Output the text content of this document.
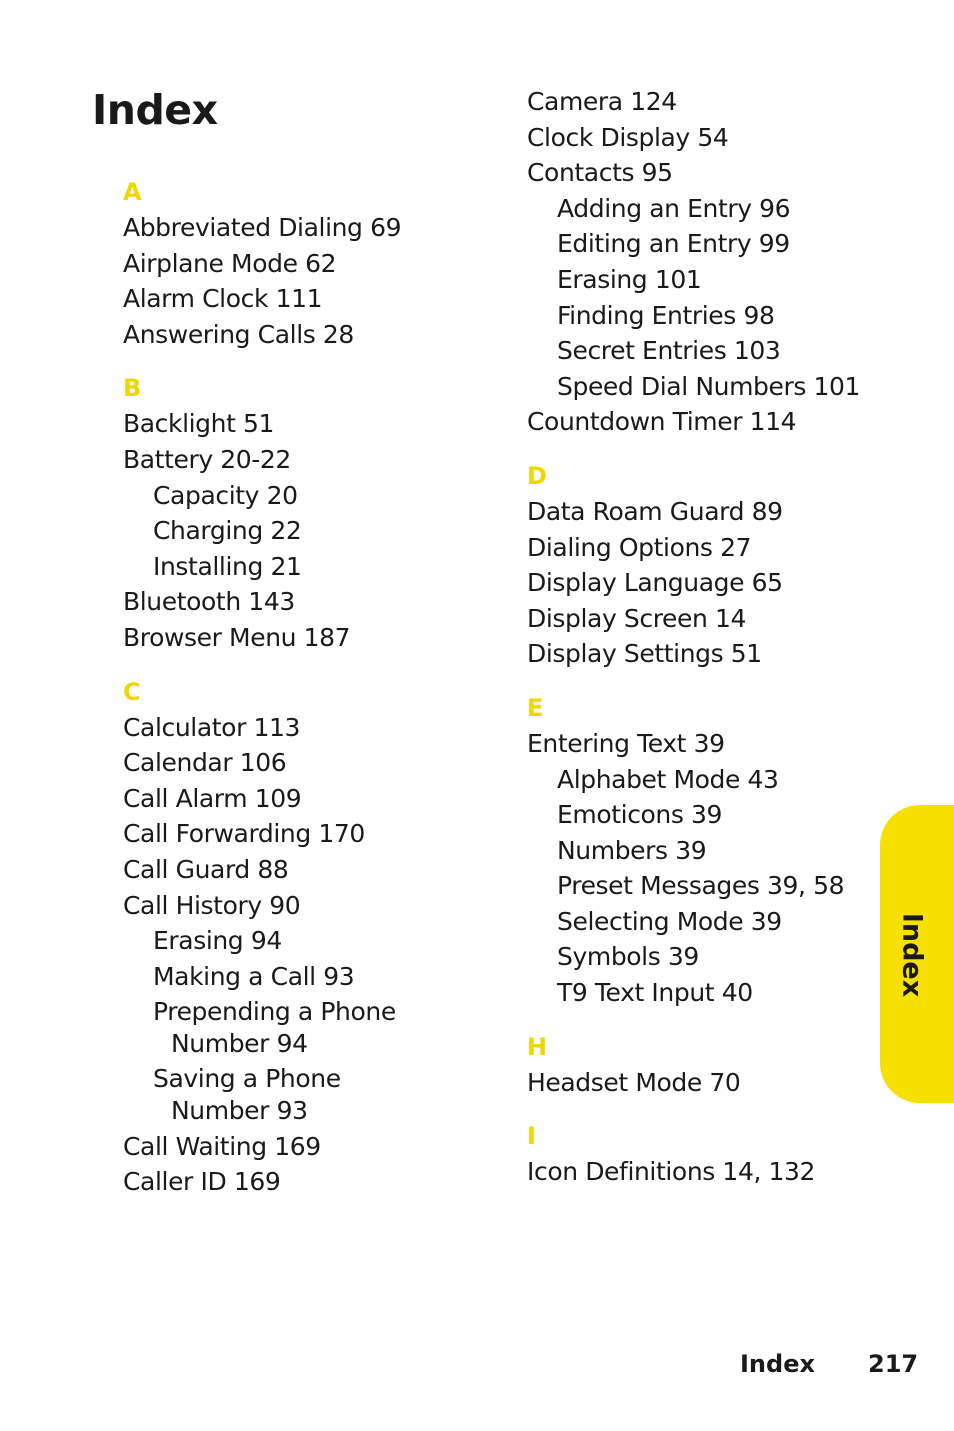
Index
A
Abbreviated Dialing 69
Airplane Mode 62
Alarm Clock 111
Answering Calls 28
B
Backlight 51
Battery 20-22
Capacity 20
Charging 22
Installing 21
Bluetooth 143
Browser Menu 187
C
Calculator 113
Calendar 106
Call Alarm 109
Call Forwarding 170
Call Guard 88
Call History 90
Erasing 94
Making a Call 93
Prepending a Phone
Number 94
Saving a Phone
Number 93
Call Waiting 169
Caller ID 169
Camera 124
Clock Display 54
Contacts 95
Adding an Entry 96
Editing an Entry 99
Erasing 101
Finding Entries 98
Secret Entries 103
Speed Dial Numbers 101
Countdown Timer 114
D
Data Roam Guard 89
Dialing Options 27
Display Language 65
Display Screen 14
Display Settings 51
E
Entering Text 39
Alphabet Mode 43
Emoticons 39
Numbers 39
Preset Messages 39, 58
Selecting Mode 39
Symbols 39
T9 Text Input 40
H
Headset Mode 70
I
Icon Definitions 14, 132
Index
Index 217
